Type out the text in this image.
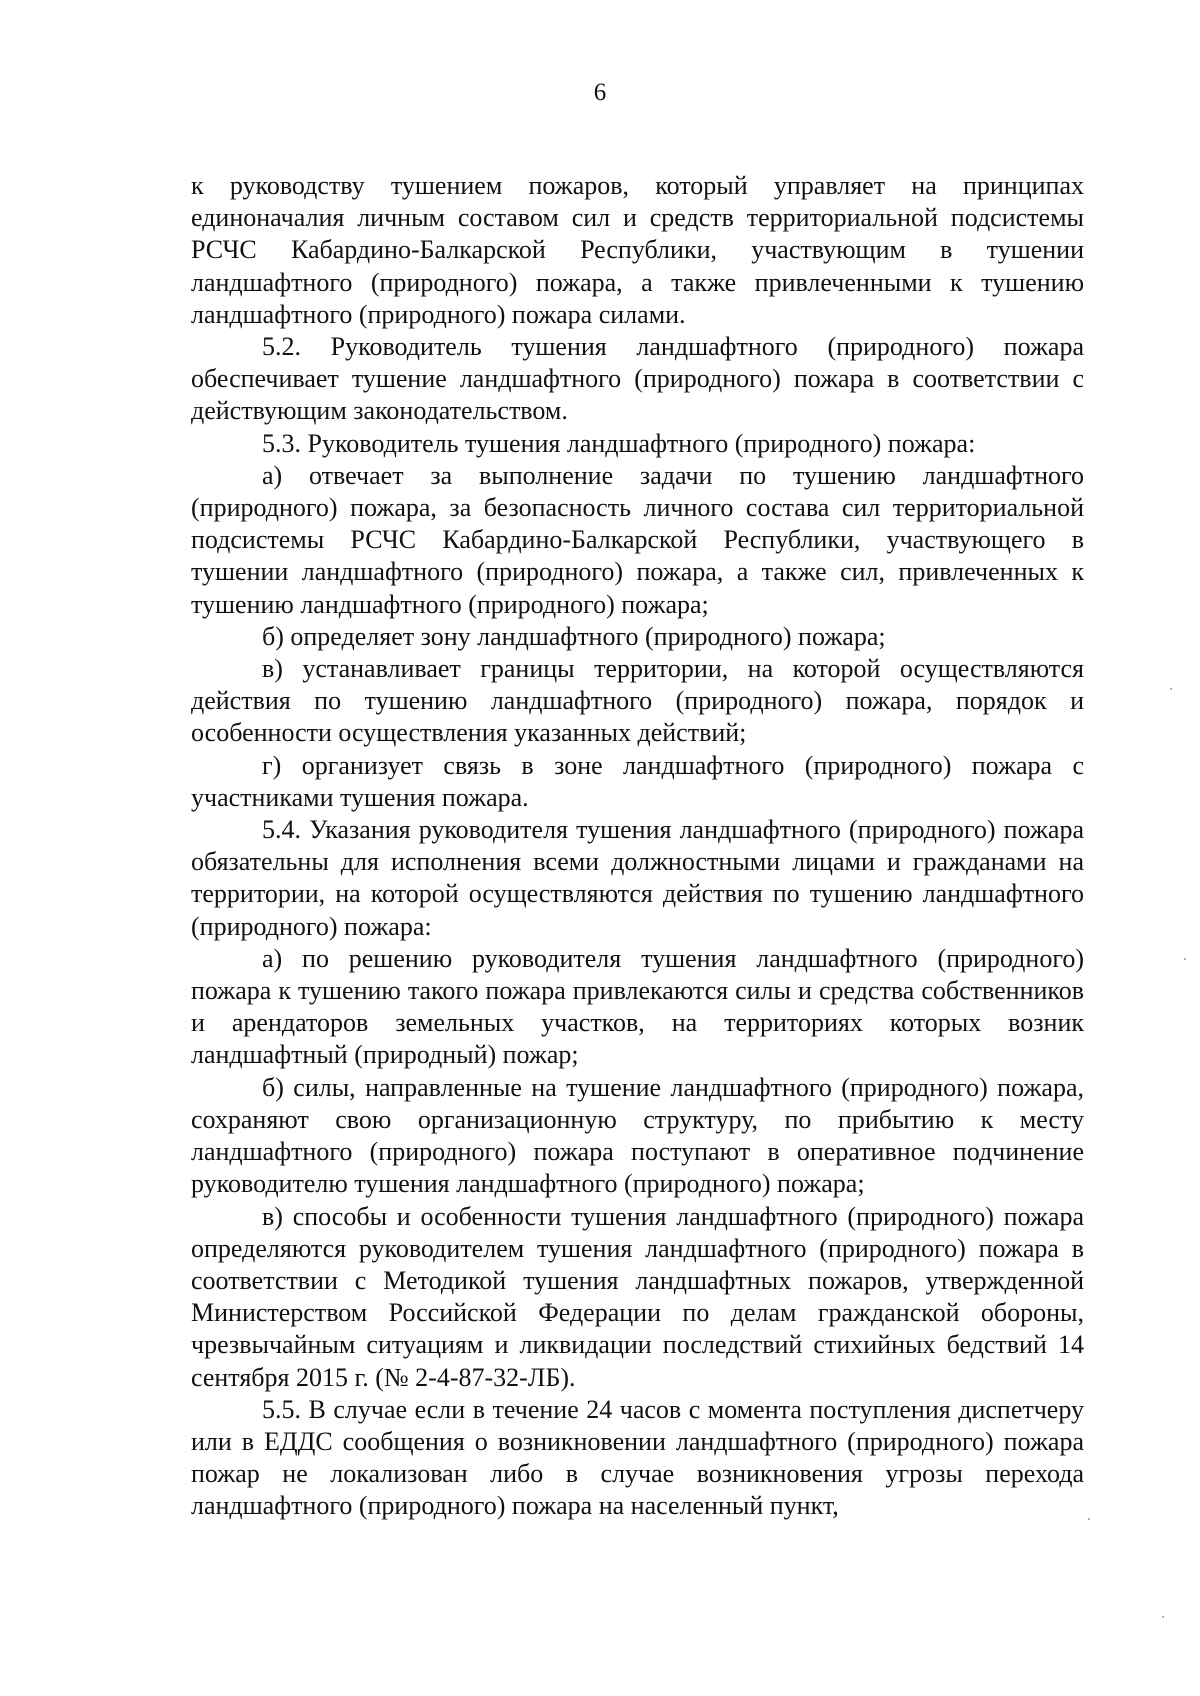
6

к руководству тушением пожаров, который управляет на принципах единоначалия личным составом сил и средств территориальной подсистемы РСЧС Кабардино-Балкарской Республики, участвующим в тушении ландшафтного (природного) пожара, а также привлеченными к тушению ландшафтного (природного) пожара силами.

5.2. Руководитель тушения ландшафтного (природного) пожара обеспечивает тушение ландшафтного (природного) пожара в соответствии с действующим законодательством.

5.3. Руководитель тушения ландшафтного (природного) пожара:

а) отвечает за выполнение задачи по тушению ландшафтного (природного) пожара, за безопасность личного состава сил территориальной подсистемы РСЧС Кабардино-Балкарской Республики, участвующего в тушении ландшафтного (природного) пожара, а также сил, привлеченных к тушению ландшафтного (природного) пожара;

б) определяет зону ландшафтного (природного) пожара;

в) устанавливает границы территории, на которой осуществляются действия по тушению ландшафтного (природного) пожара, порядок и особенности осуществления указанных действий;

г) организует связь в зоне ландшафтного (природного) пожара с участниками тушения пожара.

5.4. Указания руководителя тушения ландшафтного (природного) пожара обязательны для исполнения всеми должностными лицами и гражданами на территории, на которой осуществляются действия по тушению ландшафтного (природного) пожара:

а) по решению руководителя тушения ландшафтного (природного) пожара к тушению такого пожара привлекаются силы и средства собственников и арендаторов земельных участков, на территориях которых возник ландшафтный (природный) пожар;

б) силы, направленные на тушение ландшафтного (природного) пожара, сохраняют свою организационную структуру, по прибытию к месту ландшафтного (природного) пожара поступают в оперативное подчинение руководителю тушения ландшафтного (природного) пожара;

в) способы и особенности тушения ландшафтного (природного) пожара определяются руководителем тушения ландшафтного (природного) пожара в соответствии с Методикой тушения ландшафтных пожаров, утвержденной Министерством Российской Федерации по делам гражданской обороны, чрезвычайным ситуациям и ликвидации последствий стихийных бедствий 14 сентября 2015 г. (№ 2-4-87-32-ЛБ).

5.5. В случае если в течение 24 часов с момента поступления диспетчеру или в ЕДДС сообщения о возникновении ландшафтного (природного) пожара пожар не локализован либо в случае возникновения угрозы перехода ландшафтного (природного) пожара на населенный пункт,
